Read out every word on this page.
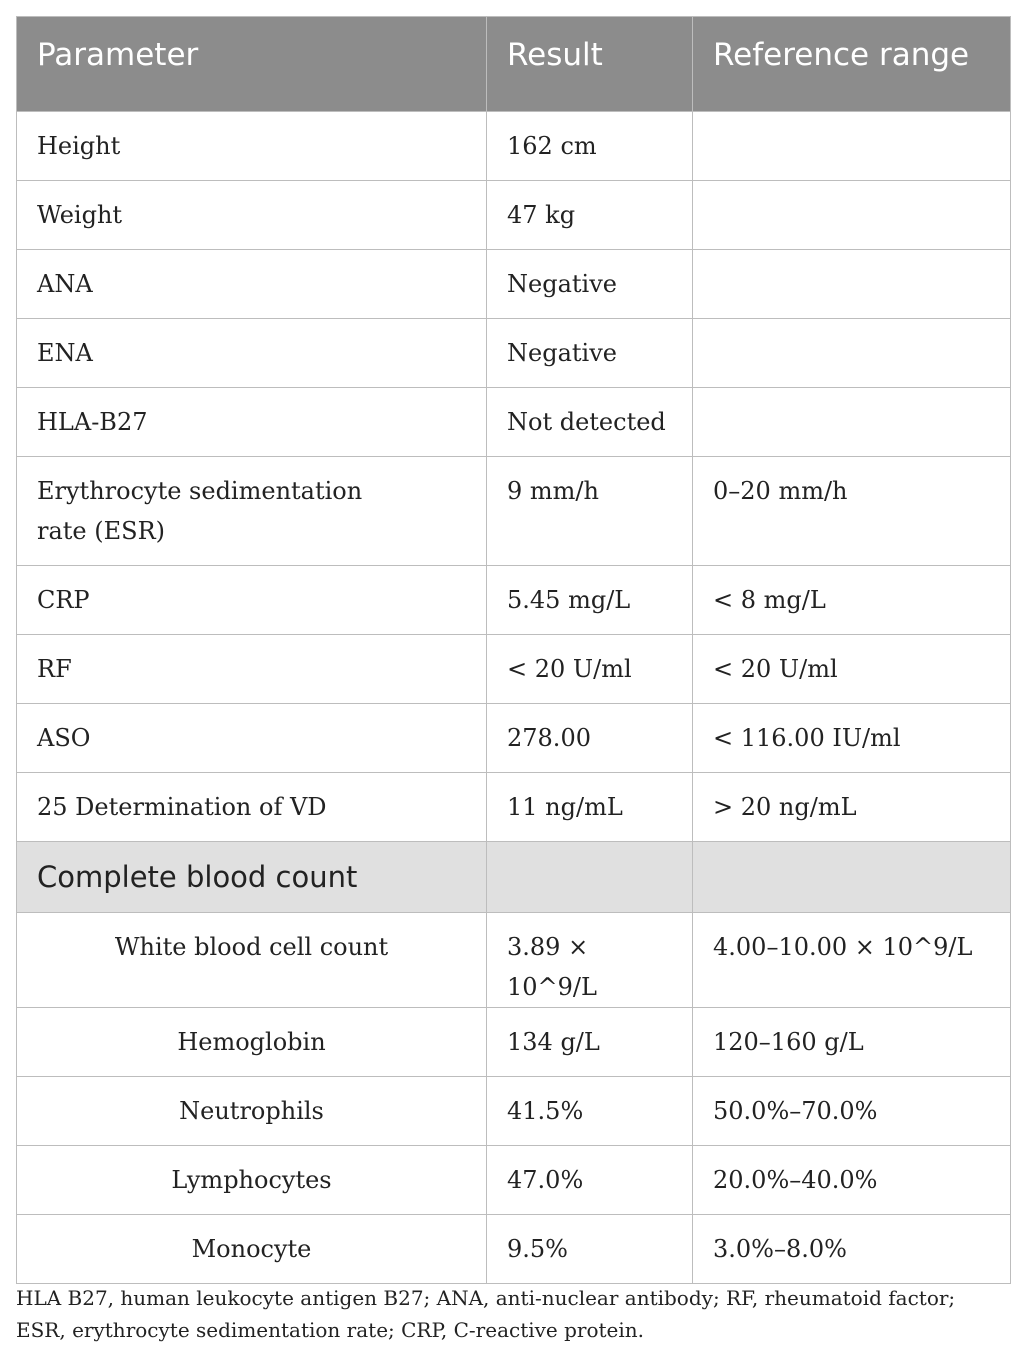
Parameter	Result	Reference range
Height	162 cm	
Weight	47 kg	
ANA	Negative	
ENA	Negative	
HLA-B27	Not detected	
Erythrocyte sedimentation rate (ESR)	9 mm/h	0–20 mm/h
CRP	5.45 mg/L	< 8 mg/L
RF	< 20 U/ml	< 20 U/ml
ASO	278.00	< 116.00 IU/ml
25 Determination of VD	11 ng/mL	> 20 ng/mL
Complete blood count		
White blood cell count	3.89 × 10^9/L	4.00–10.00 × 10^9/L
Hemoglobin	134 g/L	120–160 g/L
Neutrophils	41.5%	50.0%–70.0%
Lymphocytes	47.0%	20.0%–40.0%
Monocyte	9.5%	3.0%–8.0%
HLA B27, human leukocyte antigen B27; ANA, anti-nuclear antibody; RF, rheumatoid factor; ESR, erythrocyte sedimentation rate; CRP, C-reactive protein.
